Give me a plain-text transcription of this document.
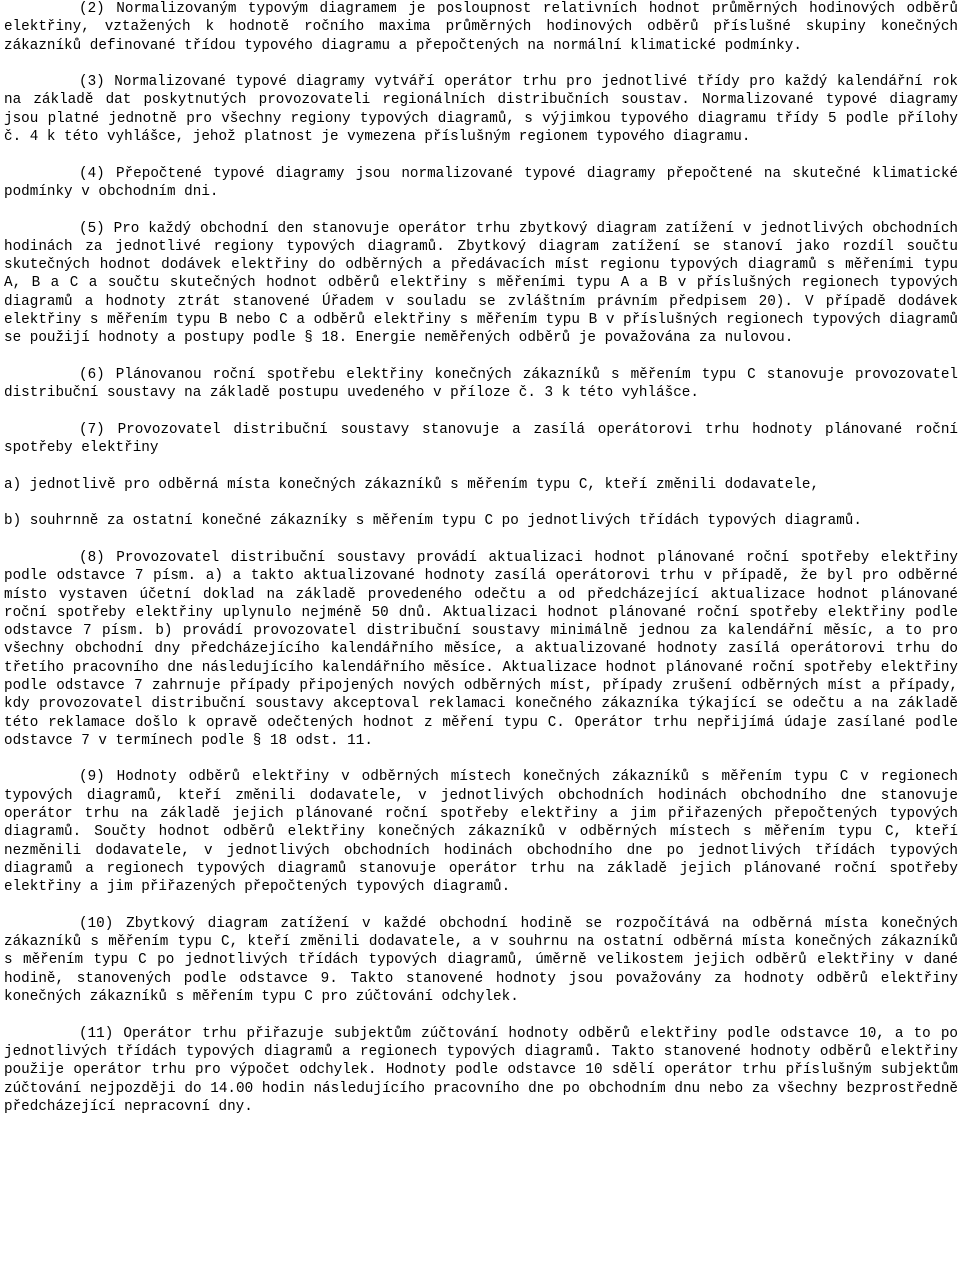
(2) Normalizovaným typovým diagramem je posloupnost relativních hodnot průměrných hodinových odběrů elektřiny, vztažených k hodnotě ročního maxima průměrných hodinových odběrů příslušné skupiny konečných zákazníků definované třídou typového diagramu a přepočtených na normální klimatické podmínky.

(3) Normalizované typové diagramy vytváří operátor trhu pro jednotlivé třídy pro každý kalendářní rok na základě dat poskytnutých provozovateli regionálních distribučních soustav. Normalizované typové diagramy jsou platné jednotně pro všechny regiony typových diagramů, s výjimkou typového diagramu třídy 5 podle přílohy č. 4 k této vyhlášce, jehož platnost je vymezena příslušným regionem typového diagramu.

(4) Přepočtené typové diagramy jsou normalizované typové diagramy přepočtené na skutečné klimatické podmínky v obchodním dni.

(5) Pro každý obchodní den stanovuje operátor trhu zbytkový diagram zatížení v jednotlivých obchodních hodinách za jednotlivé regiony typových diagramů. Zbytkový diagram zatížení se stanoví jako rozdíl součtu skutečných hodnot dodávek elektřiny do odběrných a předávacích míst regionu typových diagramů s měřeními typu A, B a C a součtu skutečných hodnot odběrů elektřiny s měřeními typu A a B v příslušných regionech typových diagramů a hodnoty ztrát stanovené Úřadem v souladu se zvláštním právním předpisem 20). V případě dodávek elektřiny s měřením typu B nebo C a odběrů elektřiny s měřením typu B v příslušných regionech typových diagramů se použijí hodnoty a postupy podle § 18. Energie neměřených odběrů je považována za nulovou.

(6) Plánovanou roční spotřebu elektřiny konečných zákazníků s měřením typu C stanovuje provozovatel distribuční soustavy na základě postupu uvedeného v příloze č. 3 k této vyhlášce.

(7) Provozovatel distribuční soustavy stanovuje a zasílá operátorovi trhu hodnoty plánované roční spotřeby elektřiny

a) jednotlivě pro odběrná místa konečných zákazníků s měřením typu C, kteří změnili dodavatele,

b) souhrnně za ostatní konečné zákazníky s měřením typu C po jednotlivých třídách typových diagramů.

(8) Provozovatel distribuční soustavy provádí aktualizaci hodnot plánované roční spotřeby elektřiny podle odstavce 7 písm. a) a takto aktualizované hodnoty zasílá operátorovi trhu v případě, že byl pro odběrné místo vystaven účetní doklad na základě provedeného odečtu a od předcházející aktualizace hodnot plánované roční spotřeby elektřiny uplynulo nejméně 50 dnů. Aktualizaci hodnot plánované roční spotřeby elektřiny podle odstavce 7 písm. b) provádí provozovatel distribuční soustavy minimálně jednou za kalendářní měsíc, a to pro všechny obchodní dny předcházejícího kalendářního měsíce, a aktualizované hodnoty zasílá operátorovi trhu do třetího pracovního dne následujícího kalendářního měsíce. Aktualizace hodnot plánované roční spotřeby elektřiny podle odstavce 7 zahrnuje případy připojených nových odběrných míst, případy zrušení odběrných míst a případy, kdy provozovatel distribuční soustavy akceptoval reklamaci konečného zákazníka týkající se odečtu a na základě této reklamace došlo k opravě odečtených hodnot z měření typu C. Operátor trhu nepřijímá údaje zasílané podle odstavce 7 v termínech podle § 18 odst. 11.

(9) Hodnoty odběrů elektřiny v odběrných místech konečných zákazníků s měřením typu C v regionech typových diagramů, kteří změnili dodavatele, v jednotlivých obchodních hodinách obchodního dne stanovuje operátor trhu na základě jejich plánované roční spotřeby elektřiny a jim přiřazených přepočtených typových diagramů. Součty hodnot odběrů elektřiny konečných zákazníků v odběrných místech s měřením typu C, kteří nezměnili dodavatele, v jednotlivých obchodních hodinách obchodního dne po jednotlivých třídách typových diagramů a regionech typových diagramů stanovuje operátor trhu na základě jejich plánované roční spotřeby elektřiny a jim přiřazených přepočtených typových diagramů.

(10) Zbytkový diagram zatížení v každé obchodní hodině se rozpočítává na odběrná místa konečných zákazníků s měřením typu C, kteří změnili dodavatele, a v souhrnu na ostatní odběrná místa konečných zákazníků s měřením typu C po jednotlivých třídách typových diagramů, úměrně velikostem jejich odběrů elektřiny v dané hodině, stanovených podle odstavce 9. Takto stanovené hodnoty jsou považovány za hodnoty odběrů elektřiny konečných zákazníků s měřením typu C pro zúčtování odchylek.

(11) Operátor trhu přiřazuje subjektům zúčtování hodnoty odběrů elektřiny podle odstavce 10, a to po jednotlivých třídách typových diagramů a regionech typových diagramů. Takto stanovené hodnoty odběrů elektřiny použije operátor trhu pro výpočet odchylek. Hodnoty podle odstavce 10 sdělí operátor trhu příslušným subjektům zúčtování nejpozději do 14.00 hodin následujícího pracovního dne po obchodním dnu nebo za všechny bezprostředně předcházející nepracovní dny.
